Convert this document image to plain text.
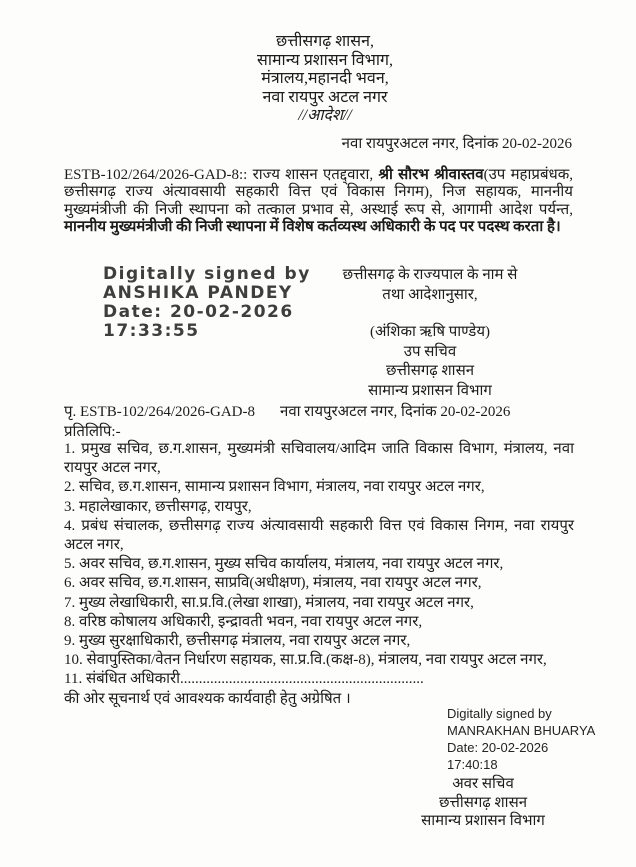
छत्तीसगढ़ शासन,
सामान्य प्रशासन विभाग,
मंत्रालय,महानदी भवन,
नवा रायपुर अटल नगर
//आदेश//
नवा रायपुरअटल नगर, दिनांक 20-02-2026

ESTB-102/264/2026-GAD-8:: राज्य शासन एतद्द्वारा, श्री सौरभ श्रीवास्तव(उप महाप्रबंधक, छत्तीसगढ़ राज्य अंत्यावसायी सहकारी वित्त एवं विकास निगम), निज सहायक, माननीय मुख्यमंत्रीजी की निजी स्थापना को तत्काल प्रभाव से, अस्थाई रूप से, आगामी आदेश पर्यन्त, माननीय मुख्यमंत्रीजी की निजी स्थापना में विशेष कर्तव्यस्थ अधिकारी के पद पर पदस्थ करता है।

Digitally signed by
ANSHIKA PANDEY
Date: 20-02-2026
17:33:55
छत्तीसगढ़ के राज्यपाल के नाम से
तथा आदेशानुसार,
(अंशिका ऋषि पाण्डेय)
उप सचिव
छत्तीसगढ़ शासन
सामान्य प्रशासन विभाग
पृ. ESTB-102/264/2026-GAD-8 नवा रायपुरअटल नगर, दिनांक 20-02-2026
प्रतिलिपि:-
1. प्रमुख सचिव, छ.ग.शासन, मुख्यमंत्री सचिवालय/आदिम जाति विकास विभाग, मंत्रालय, नवा रायपुर अटल नगर,
2. सचिव, छ.ग.शासन, सामान्य प्रशासन विभाग, मंत्रालय, नवा रायपुर अटल नगर,
3. महालेखाकार, छत्तीसगढ़, रायपुर,
4. प्रबंध संचालक, छत्तीसगढ़ राज्य अंत्यावसायी सहकारी वित्त एवं विकास निगम, नवा रायपुर अटल नगर,
5. अवर सचिव, छ.ग.शासन, मुख्य सचिव कार्यालय, मंत्रालय, नवा रायपुर अटल नगर,
6. अवर सचिव, छ.ग.शासन, साप्रवि(अधीक्षण), मंत्रालय, नवा रायपुर अटल नगर,
7. मुख्य लेखाधिकारी, सा.प्र.वि.(लेखा शाखा), मंत्रालय, नवा रायपुर अटल नगर,
8. वरिष्ठ कोषालय अधिकारी, इन्द्रावती भवन, नवा रायपुर अटल नगर,
9. मुख्य सुरक्षाधिकारी, छत्तीसगढ़ मंत्रालय, नवा रायपुर अटल नगर,
10. सेवापुस्तिका/वेतन निर्धारण सहायक, सा.प्र.वि.(कक्ष-8), मंत्रालय, नवा रायपुर अटल नगर,
11. संबंधित अधिकारी.................................................................
की ओर सूचनार्थ एवं आवश्यक कार्यवाही हेतु अग्रेषित ।
Digitally signed by
MANRAKHAN BHUARYA
Date: 20-02-2026
17:40:18
अवर सचिव
छत्तीसगढ़ शासन
सामान्य प्रशासन विभाग
